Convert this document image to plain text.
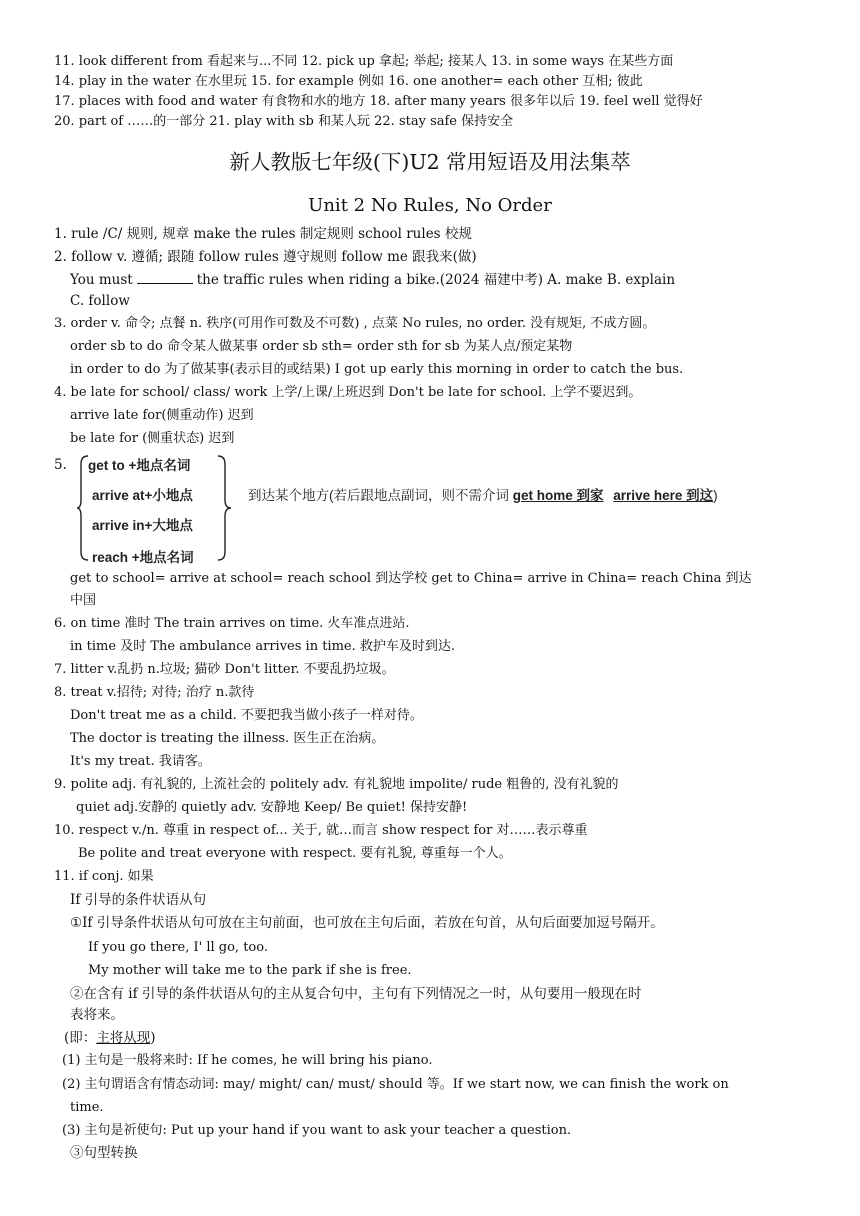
11. look different from 看起来与...不同 12. pick up 拿起; 举起; 接某人 13. in some ways 在某些方面
14. play in the water 在水里玩 15. for example 例如 16. one another= each other 互相; 彼此
17. places with food and water 有食物和水的地方 18. after many years 很多年以后 19. feel well 觉得好
20. part of ……的一部分 21. play with sb 和某人玩 22. stay safe 保持安全
新人教版七年级(下)U2 常用短语及用法集萃
Unit 2 No Rules, No Order
1. rule /C/ 规则, 规章 make the rules 制定规则 school rules 校规
2. follow v. 遵循; 跟随 follow rules 遵守规则 follow me 跟我来(做)
You must	the traffic rules when riding a bike.(2024 福建中考) A. make B. explain
C. follow
3. order v. 命令; 点餐 n. 秩序(可用作可数及不可数) , 点菜 No rules, no order. 没有规矩, 不成方圆。
order sb to do 命令某人做某事 order sb sth= order sth for sb 为某人点/预定某物
in order to do 为了做某事(表示目的或结果) I got up early this morning in order to catch the bus.
4. be late for school/ class/ work 上学/上课/上班迟到 Don't be late for school. 上学不要迟到。
arrive late for(侧重动作) 迟到
be late for (侧重状态) 迟到
5. get to +地点名词
arrive at+小地点
arrive in+大地点
reach +地点名词
到达某个地方(若后跟地点副词，则不需介词 get home 到家 arrive here 到这)
get to school= arrive at school= reach school 到达学校 get to China= arrive in China= reach China 到达
中国
6. on time 准时 The train arrives on time. 火车准点进站.
in time 及时 The ambulance arrives in time. 救护车及时到达.
7. litter v.乱扔 n.垃圾; 猫砂 Don't litter. 不要乱扔垃圾。
8. treat v.招待; 对待; 治疗 n.款待
Don't treat me as a child. 不要把我当做小孩子一样对待。
The doctor is treating the illness. 医生正在治病。
It's my treat. 我请客。
9. polite adj. 有礼貌的, 上流社会的 politely adv. 有礼貌地 impolite/ rude 粗鲁的, 没有礼貌的
quiet adj.安静的 quietly adv. 安静地 Keep/ Be quiet! 保持安静!
10. respect v./n. 尊重 in respect of... 关于, 就…而言 show respect for 对……表示尊重
Be polite and treat everyone with respect. 要有礼貌, 尊重每一个人。
11. if conj. 如果
If 引导的条件状语从句
①If 引导条件状语从句可放在主句前面，也可放在主句后面，若放在句首，从句后面要加逗号隔开。
If you go there, I' ll go, too.
My mother will take me to the park if she is free.
②在含有 if 引导的条件状语从句的主从复合句中，主句有下列情况之一时，从句要用一般现在时
表将来。
(即：主将从现)
(1) 主句是一般将来时: If he comes, he will bring his piano.
(2) 主句谓语含有情态动词: may/ might/ can/ must/ should 等。If we start now, we can finish the work on
time.
(3) 主句是祈使句: Put up your hand if you want to ask your teacher a question.
③句型转换
